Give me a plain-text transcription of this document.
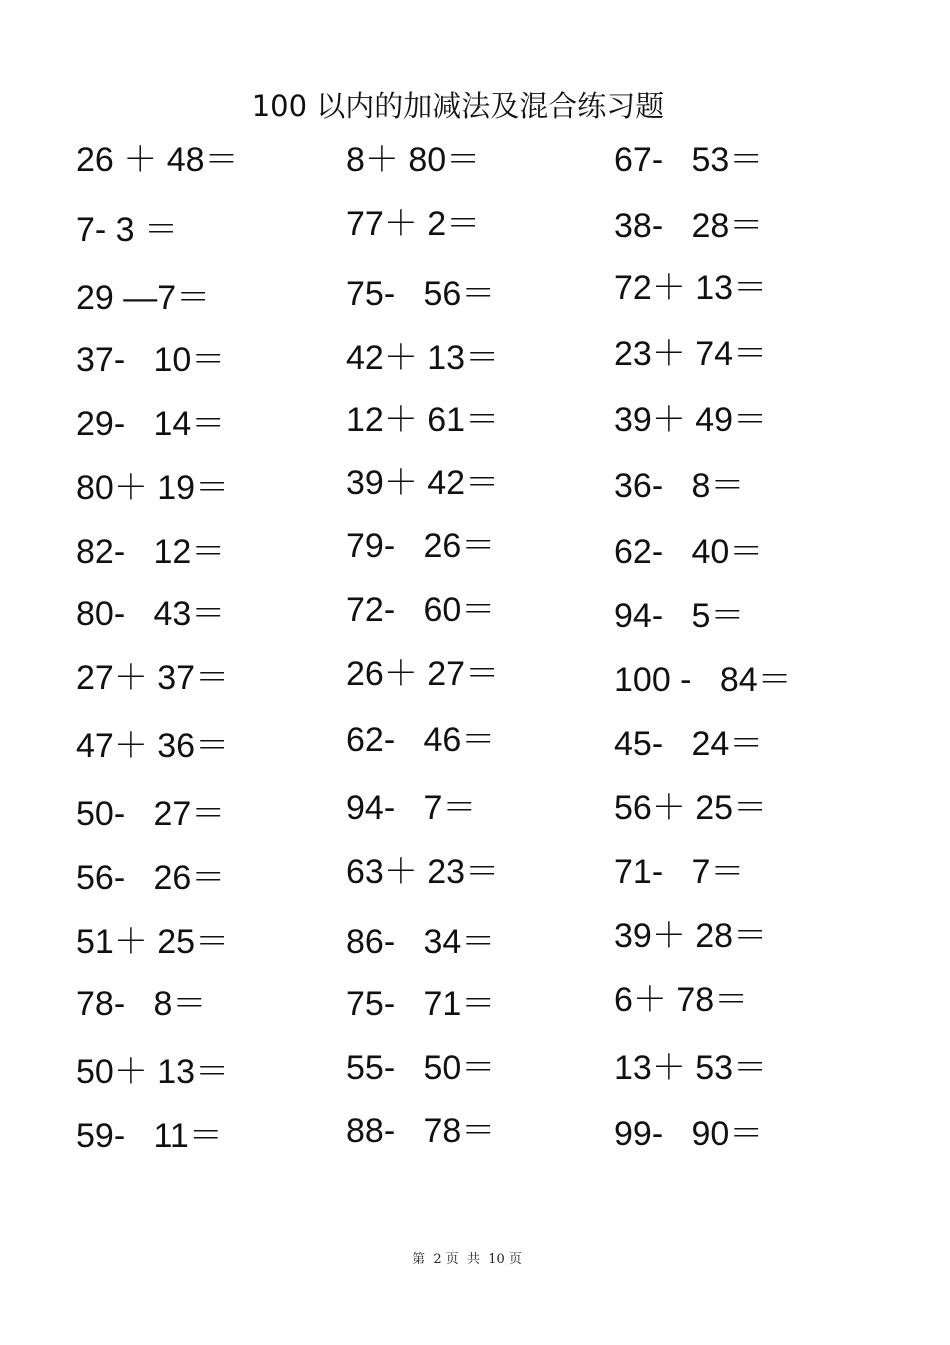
100 以内的加减法及混合练习题
26 ＋ 48＝	8＋ 80＝	67-   53＝
7- 3 ＝	77＋ 2＝	38-   28＝
29 —7＝	75-   56＝	72＋ 13＝
37-   10＝	42＋ 13＝	23＋ 74＝
29-   14＝	12＋ 61＝	39＋ 49＝
80＋ 19＝	39＋ 42＝	36-   8＝
82-   12＝	79-   26＝	62-   40＝
80-   43＝	72-   60＝	94-   5＝
27＋ 37＝	26＋ 27＝	100 -   84＝
47＋ 36＝	62-   46＝	45-   24＝
50-   27＝	94-   7＝	56＋ 25＝
56-   26＝	63＋ 23＝	71-   7＝
51＋ 25＝	86-   34＝	39＋ 28＝
78-   8＝	75-   71＝	6＋ 78＝
50＋ 13＝	55-   50＝	13＋ 53＝
59-   11＝	88-   78＝	99-   90＝
第  2 页  共  10 页
